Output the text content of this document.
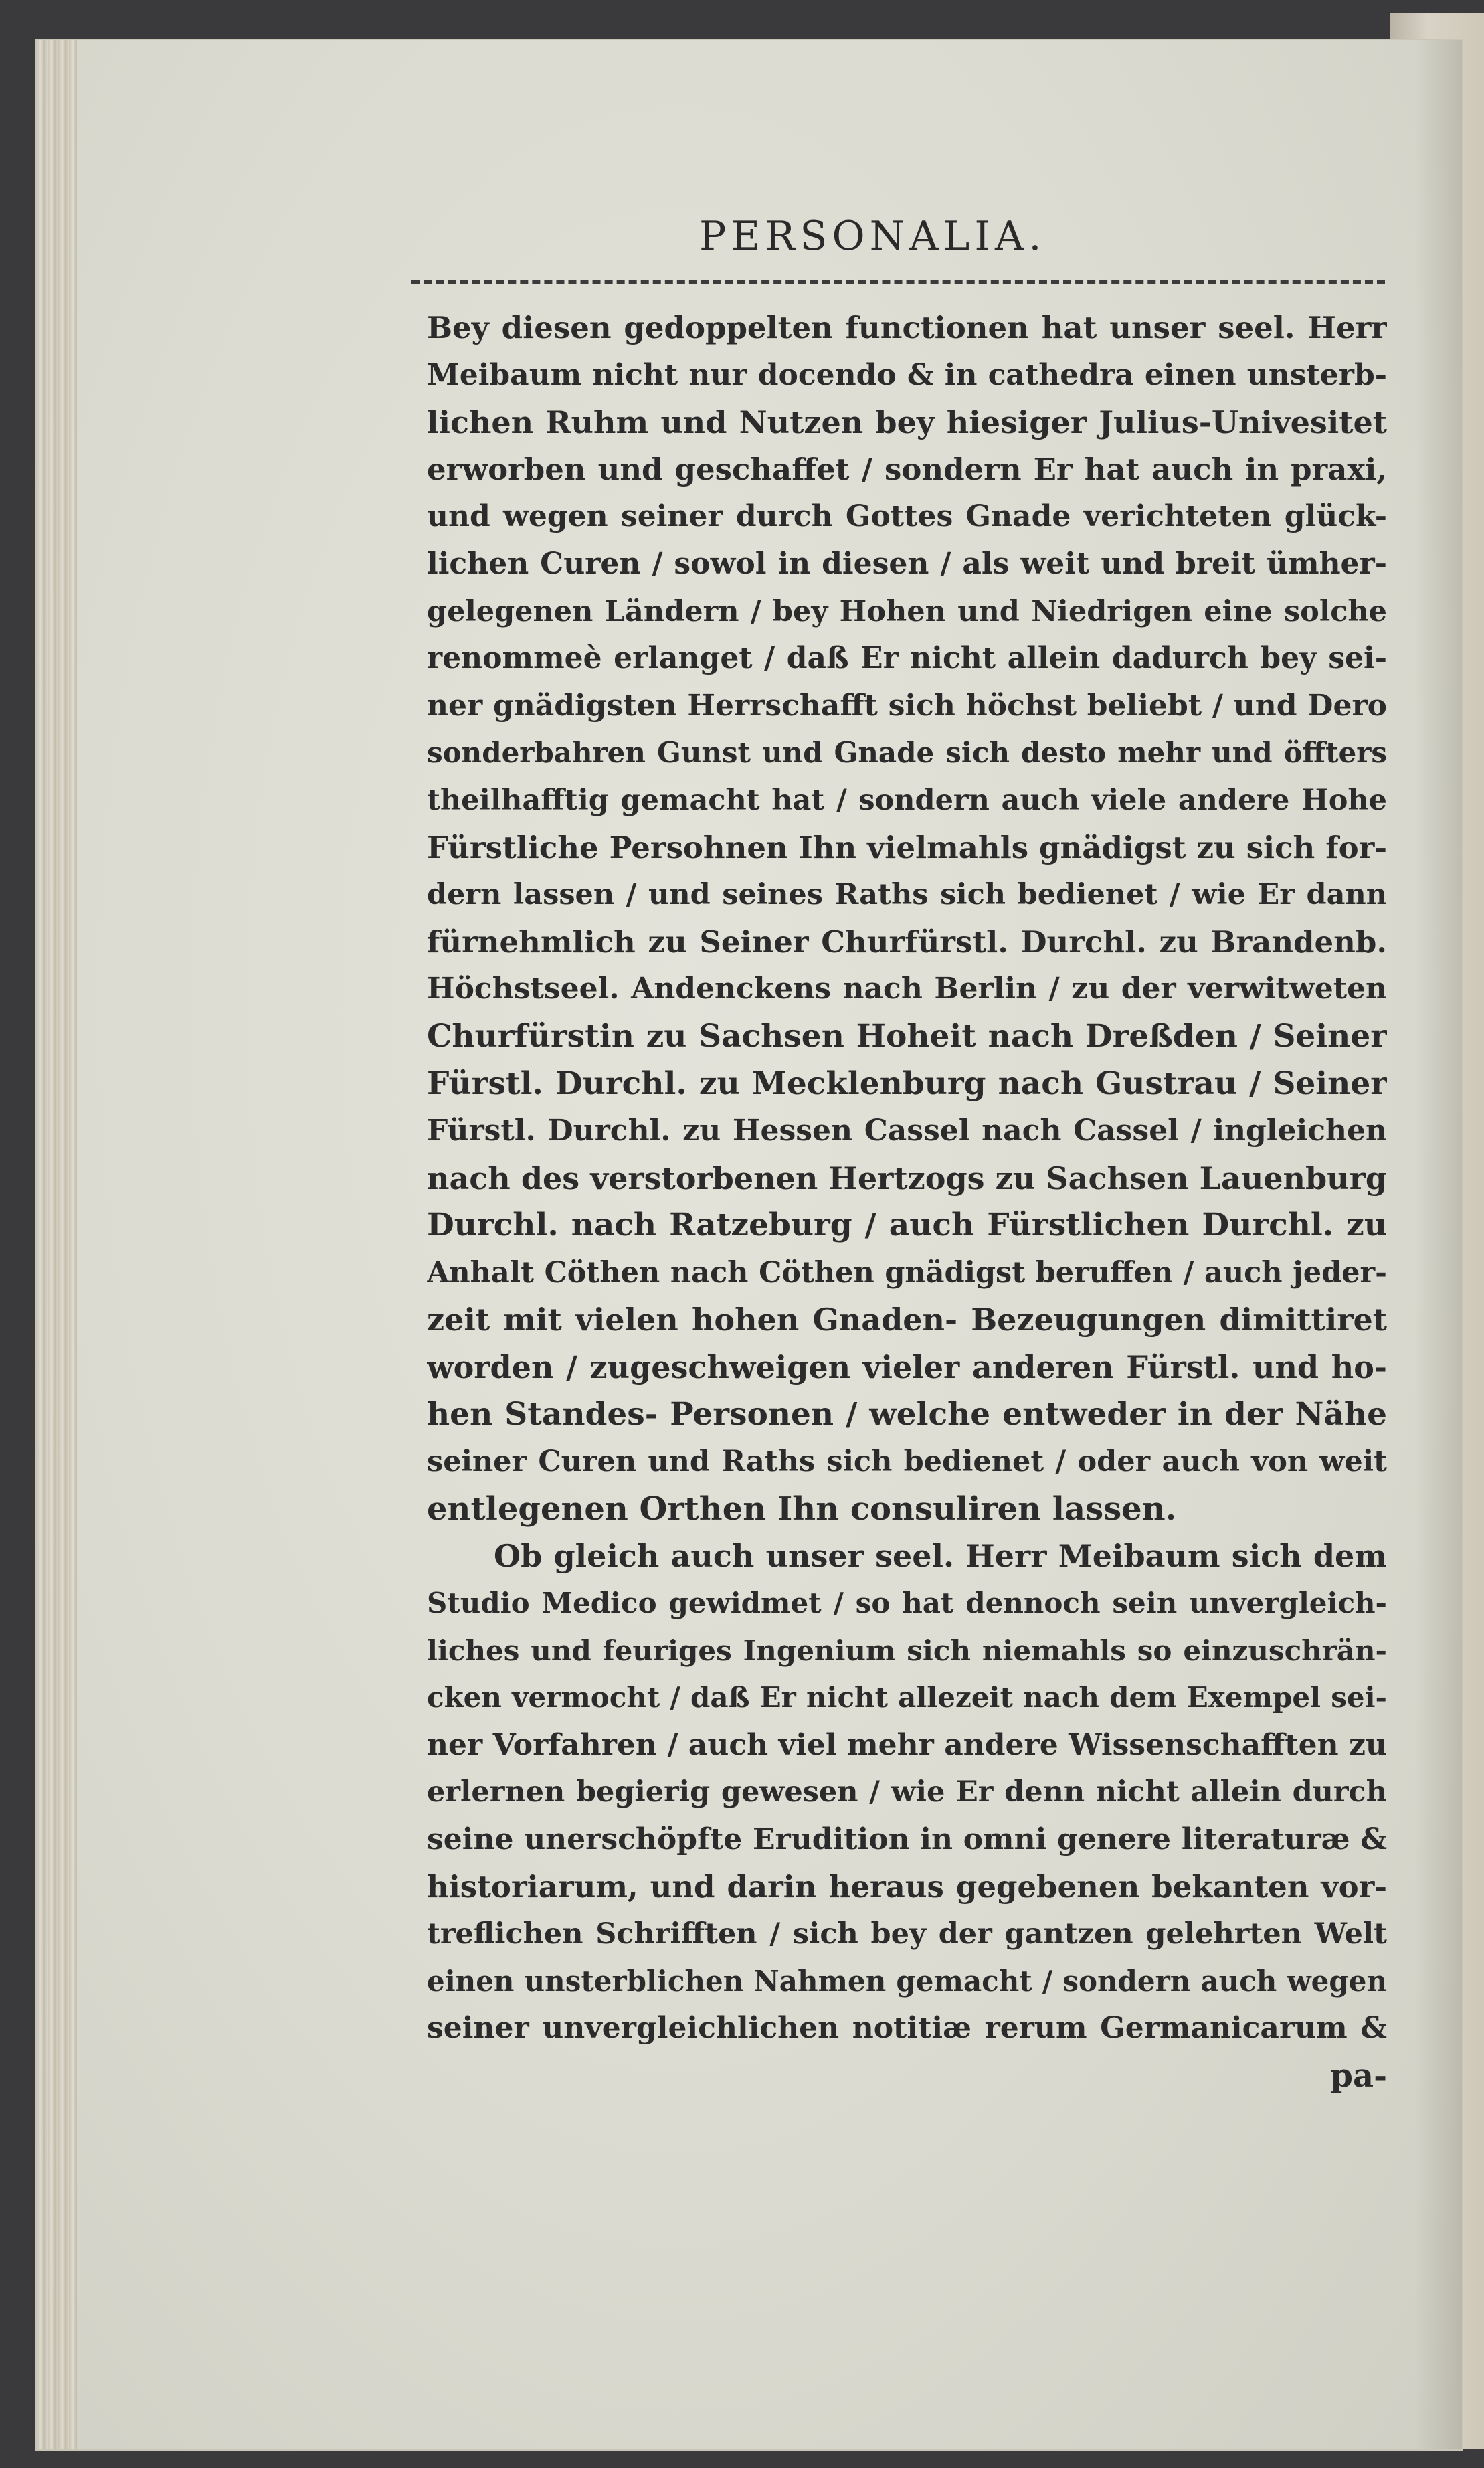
PERSONALIA.
Bey diesen gedoppelten functionen hat unser seel. Herr
Meibaum nicht nur docendo & in cathedra einen unsterb-
lichen Ruhm und Nutzen bey hiesiger Julius-Univesitet
erworben und geschaffet / sondern Er hat auch in praxi,
und wegen seiner durch Gottes Gnade verichteten glück-
lichen Curen / sowol in diesen / als weit und breit ümher-
gelegenen Ländern / bey Hohen und Niedrigen eine solche
renommeè erlanget / daß Er nicht allein dadurch bey sei-
ner gnädigsten Herrschafft sich höchst beliebt / und Dero
sonderbahren Gunst und Gnade sich desto mehr und öffters
theilhafftig gemacht hat / sondern auch viele andere Hohe
Fürstliche Persohnen Ihn vielmahls gnädigst zu sich for-
dern lassen / und seines Raths sich bedienet / wie Er dann
fürnehmlich zu Seiner Churfürstl. Durchl. zu Brandenb.
Höchstseel. Andenckens nach Berlin / zu der verwitweten
Churfürstin zu Sachsen Hoheit nach Dreßden / Seiner
Fürstl. Durchl. zu Mecklenburg nach Gustrau / Seiner
Fürstl. Durchl. zu Hessen Cassel nach Cassel / ingleichen
nach des verstorbenen Hertzogs zu Sachsen Lauenburg
Durchl. nach Ratzeburg / auch Fürstlichen Durchl. zu
Anhalt Cöthen nach Cöthen gnädigst beruffen / auch jeder-
zeit mit vielen hohen Gnaden- Bezeugungen dimittiret
worden / zugeschweigen vieler anderen Fürstl. und ho-
hen Standes- Personen / welche entweder in der Nähe
seiner Curen und Raths sich bedienet / oder auch von weit
entlegenen Orthen Ihn consuliren lassen.
Ob gleich auch unser seel. Herr Meibaum sich dem
Studio Medico gewidmet / so hat dennoch sein unvergleich-
liches und feuriges Ingenium sich niemahls so einzuschrän-
cken vermocht / daß Er nicht allezeit nach dem Exempel sei-
ner Vorfahren / auch viel mehr andere Wissenschafften zu
erlernen begierig gewesen / wie Er denn nicht allein durch
seine unerschöpfte Erudition in omni genere literaturæ &
historiarum, und darin heraus gegebenen bekanten vor-
treflichen Schrifften / sich bey der gantzen gelehrten Welt
einen unsterblichen Nahmen gemacht / sondern auch wegen
seiner unvergleichlichen notitiæ rerum Germanicarum &
pa-
